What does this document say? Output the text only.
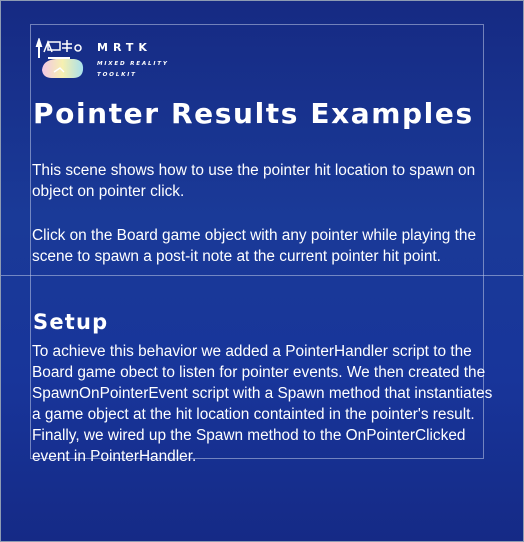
MRTK
MIXED REALITY
TOOLKIT
Pointer Results Examples

This scene shows how to use the pointer hit location to spawn on object on pointer click.

Click on the Board game object with any pointer while playing the scene to spawn a post-it note at the current pointer hit point.

Setup

To achieve this behavior we added a PointerHandler script to the Board game obect to listen for pointer events. We then created the SpawnOnPointerEvent script with a Spawn method that instantiates a game object at the hit location containted in the pointer's result. Finally, we wired up the Spawn method to the OnPointerClicked event in PointerHandler.
